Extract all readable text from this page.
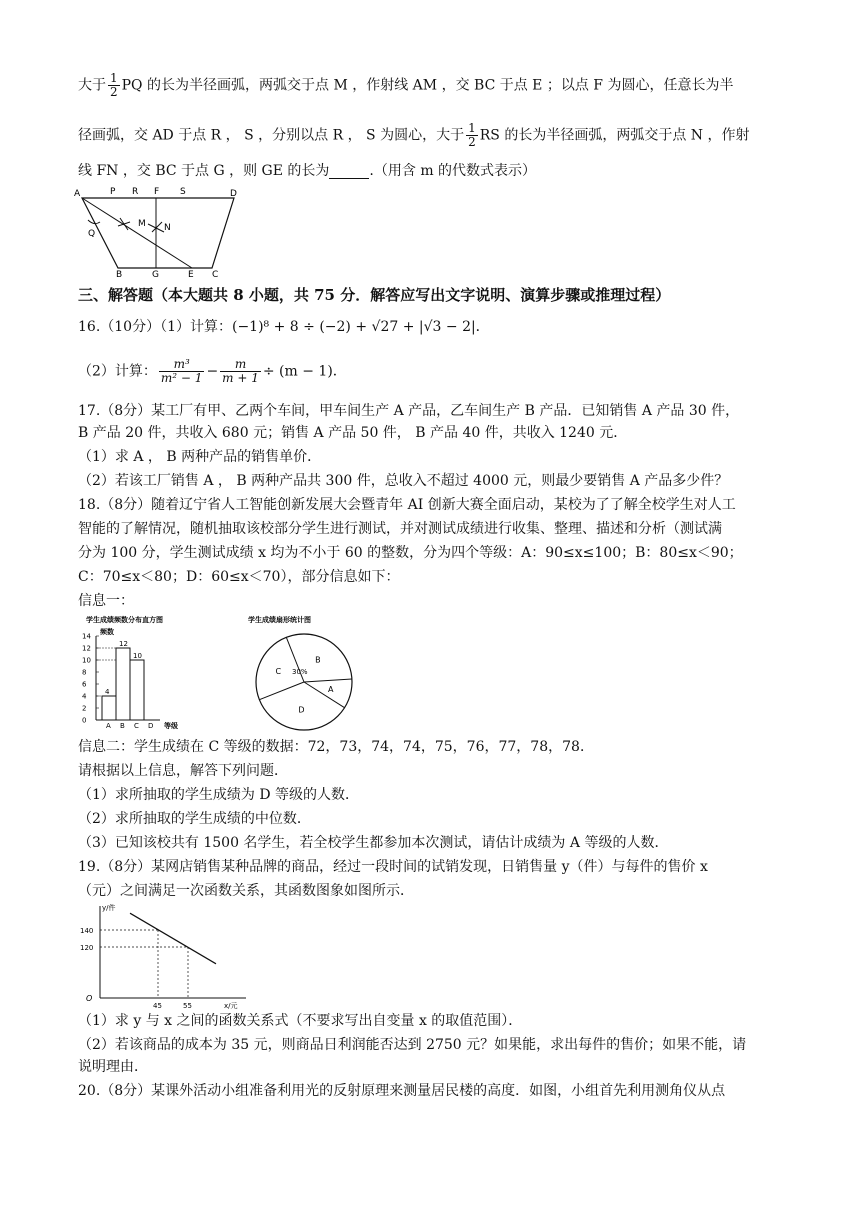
大于 $\frac{1}{2}$ PQ 的长为半径画弧，两弧交于点 M ，作射线 AM ，交 BC 于点 E ；以点 F 为圆心，任意长为半
径画弧，交 AD 于点 R ， S ，分别以点 R ， S 为圆心，大于 $\frac{1}{2}$ RS 的长为半径画弧，两弧交于点 N ，作射
线 FN ，交 BC 于点 G ，则 GE 的长为	.（用含 m 的代数式表示）
A	P R F S	D
Q
M N
B	G	E C
三、解答题（本大题共 8 小题，共 75 分．解答应写出文字说明、演算步骤或推理过程）
16.（10分）（1）计算：(−1)⁸ + 8 ÷ (−2) + √27 + |√3 − 2|．
（2）计算： $\frac{\text{m³}}{\text{m² − 1}} - \frac{m}{m + 1} \div (m - 1)$．
17.（8分）某工厂有甲、乙两个车间，甲车间生产 A 产品，乙车间生产 B 产品．已知销售 A 产品 30 件，
B 产品 20 件，共收入 680 元；销售 A 产品 50 件， B 产品 40 件，共收入 1240 元．
（1）求 A ， B 两种产品的销售单价．
（2）若该工厂销售 A ， B 两种产品共 300 件，总收入不超过 4000 元，则最少要销售 A 产品多少件？
18.（8分）随着辽宁省人工智能创新发展大会暨青年 AI 创新大赛全面启动，某校为了了解全校学生对人工
智能的了解情况，随机抽取该校部分学生进行测试，并对测试成绩进行收集、整理、描述和分析（测试满
分为 100 分，学生测试成绩 x 均为不小于 60 的整数，分为四个等级：A：90≤x≤100；B：80≤x＜90；
C：70≤x＜80；D：60≤x＜70），部分信息如下：
信息一：
学生成绩频数分布直方图
频数
等级
0
2
4
6
8
10
12
14
4
A
12
B
10
C D
学生成绩扇形统计图
B
A
D
C 30%
信息二：学生成绩在 C 等级的数据：72，73，74，74，75，76，77，78，78．
请根据以上信息，解答下列问题．
（1）求所抽取的学生成绩为 D 等级的人数．
（2）求所抽取的学生成绩的中位数．
（3）已知该校共有 1500 名学生，若全校学生都参加本次测试，请估计成绩为 A 等级的人数．
19.（8分）某网店销售某种品牌的商品，经过一段时间的试销发现，日销售量 y（件）与每件的售价 x
（元）之间满足一次函数关系，其函数图象如图所示．
O
y/件
x/元
45
140
55
120
（1）求 y 与 x 之间的函数关系式（不要求写出自变量 x 的取值范围）．
（2）若该商品的成本为 35 元，则商品日利润能否达到 2750 元？如果能，求出每件的售价；如果不能，请
说明理由．
20.（8分）某课外活动小组准备利用光的反射原理来测量居民楼的高度．如图，小组首先利用测角仪从点
